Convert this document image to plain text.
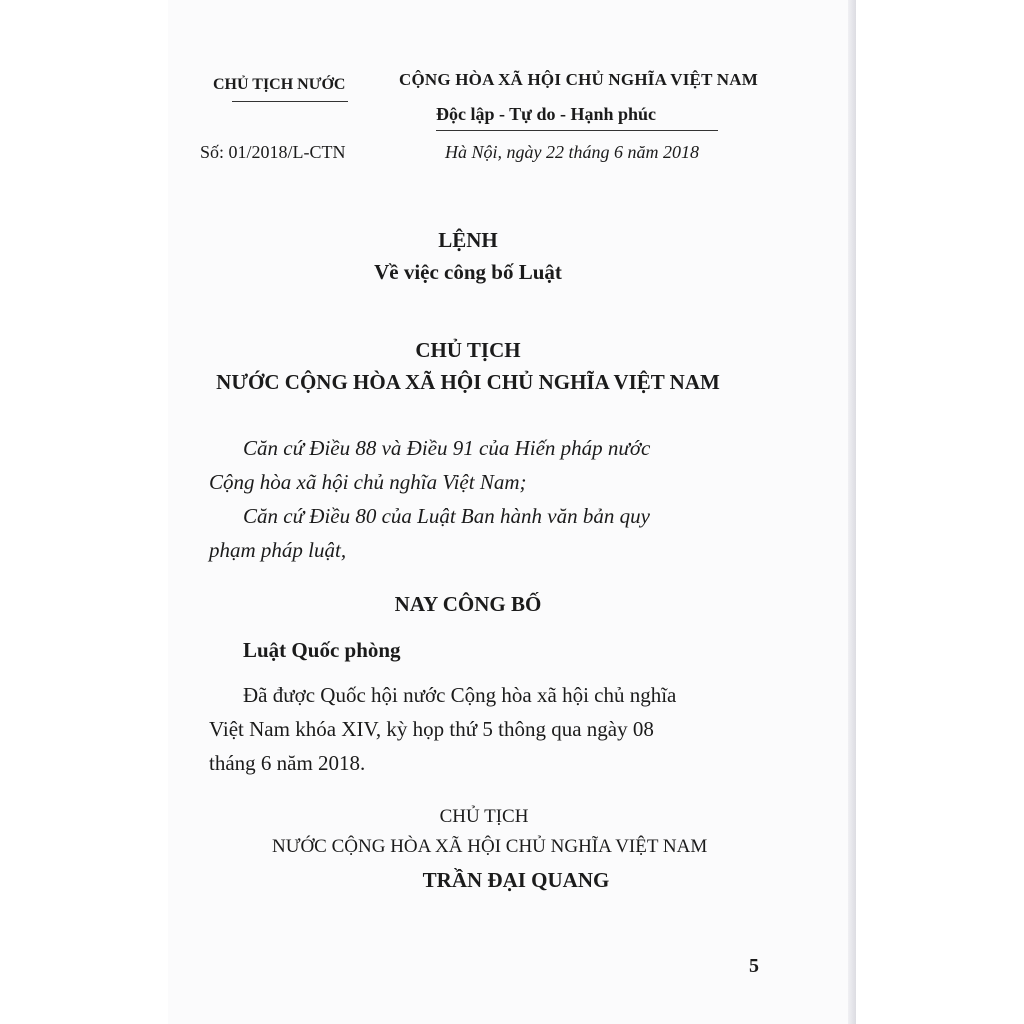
CHỦ TỊCH NƯỚC	CỘNG HÒA XÃ HỘI CHỦ NGHĨA VIỆT NAM
Độc lập - Tự do - Hạnh phúc
Số: 01/2018/L-CTN	Hà Nội, ngày 22 tháng 6 năm 2018
LỆNH
Về việc công bố Luật
CHỦ TỊCH
NƯỚC CỘNG HÒA XÃ HỘI CHỦ NGHĨA VIỆT NAM
Căn cứ Điều 88 và Điều 91 của Hiến pháp nước
Cộng hòa xã hội chủ nghĩa Việt Nam;
Căn cứ Điều 80 của Luật Ban hành văn bản quy
phạm pháp luật,
NAY CÔNG BỐ
Luật Quốc phòng
Đã được Quốc hội nước Cộng hòa xã hội chủ nghĩa
Việt Nam khóa XIV, kỳ họp thứ 5 thông qua ngày 08
tháng 6 năm 2018.
CHỦ TỊCH
NƯỚC CỘNG HÒA XÃ HỘI CHỦ NGHĨA VIỆT NAM
TRẦN ĐẠI QUANG
5
